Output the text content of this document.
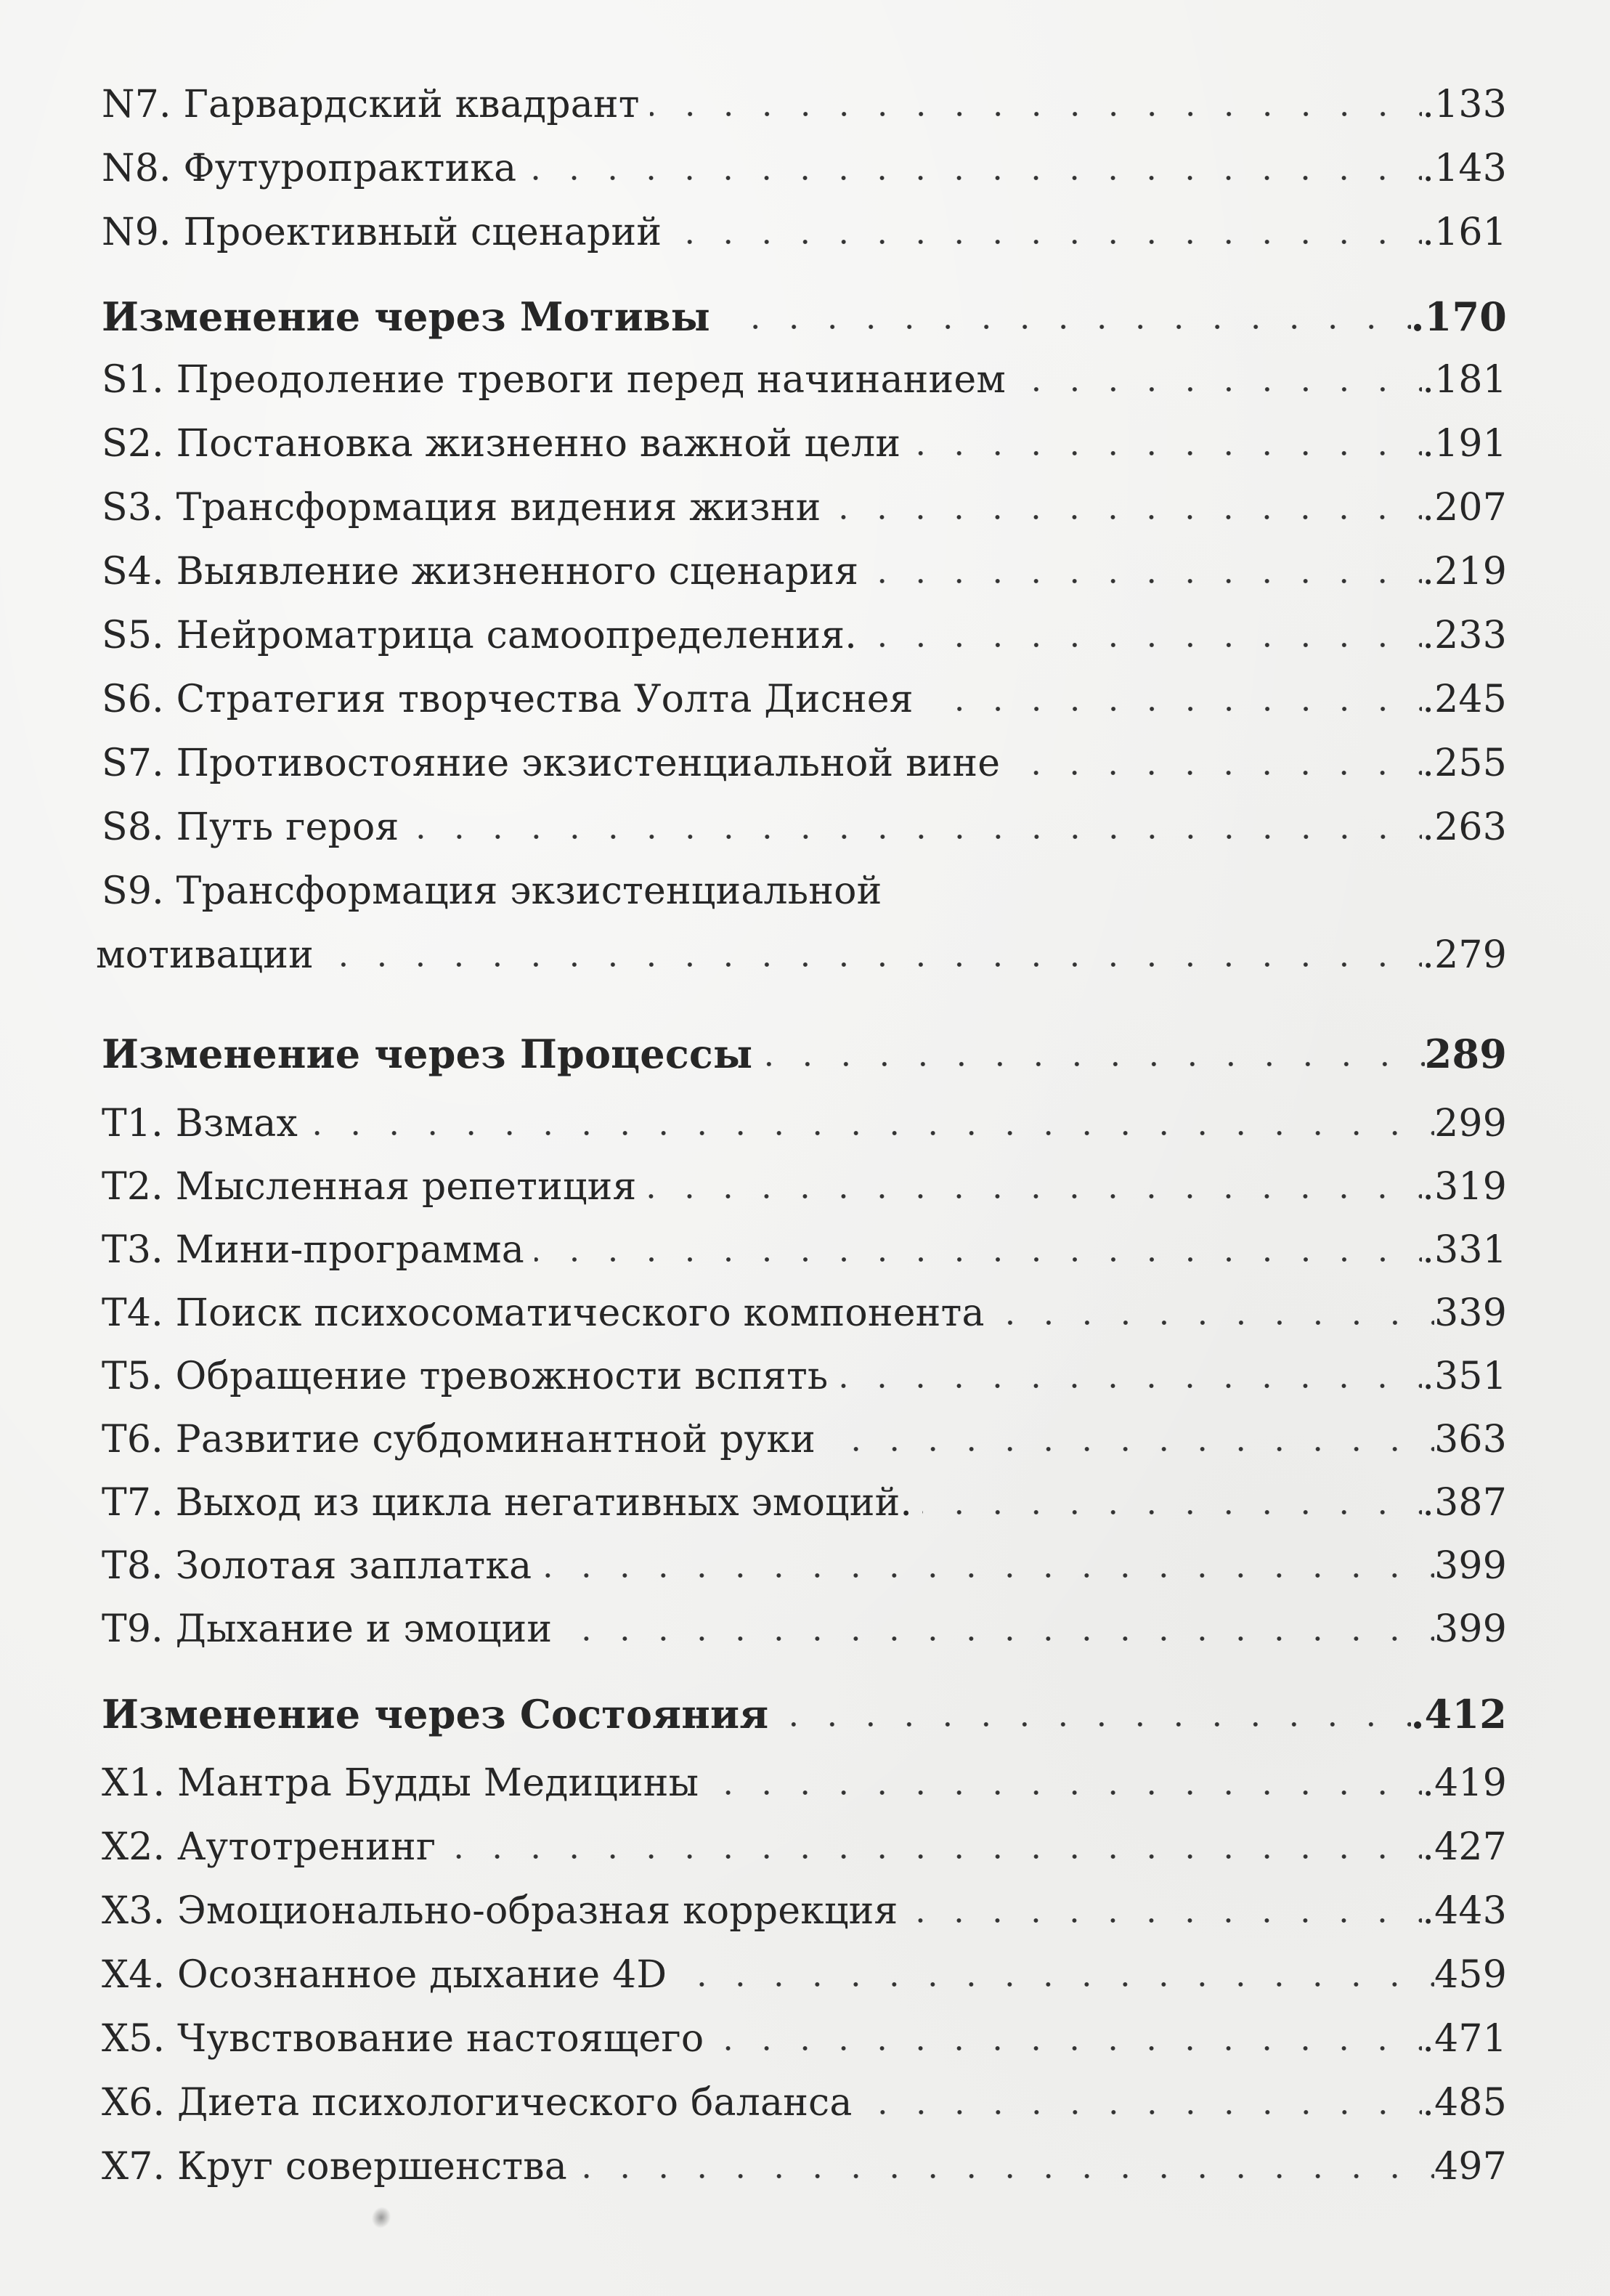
N7. Гарвардский квадрант	.133
N8. Футуропрактика	.143
N9. Проективный сценарий	.161
Изменение через Мотивы	.170
S1. Преодоление тревоги перед начинанием	.181
S2. Постановка жизненно важной цели	.191
S3. Трансформация видения жизни	.207
S4. Выявление жизненного сценария	.219
S5. Нейроматрица самоопределения.	.233
S6. Стратегия творчества Уолта Диснея	.245
S7. Противостояние экзистенциальной вине	.255
S8. Путь героя	.263
S9. Трансформация экзистенциальной
мотивации	.279
Изменение через Процессы	289
T1. Взмах	299
T2. Мысленная репетиция	.319
T3. Мини-программа	.331
T4. Поиск психосоматического компонента	339
T5. Обращение тревожности вспять	.351
T6. Развитие субдоминантной руки	363
T7. Выход из цикла негативных эмоций.	.387
T8. Золотая заплатка	399
T9. Дыхание и эмоции	399
Изменение через Состояния	.412
X1. Мантра Будды Медицины	.419
X2. Аутотренинг	.427
X3. Эмоционально-образная коррекция	.443
X4. Осознанное дыхание 4D	459
X5. Чувствование настоящего	.471
X6. Диета психологического баланса	.485
X7. Круг совершенства	497
